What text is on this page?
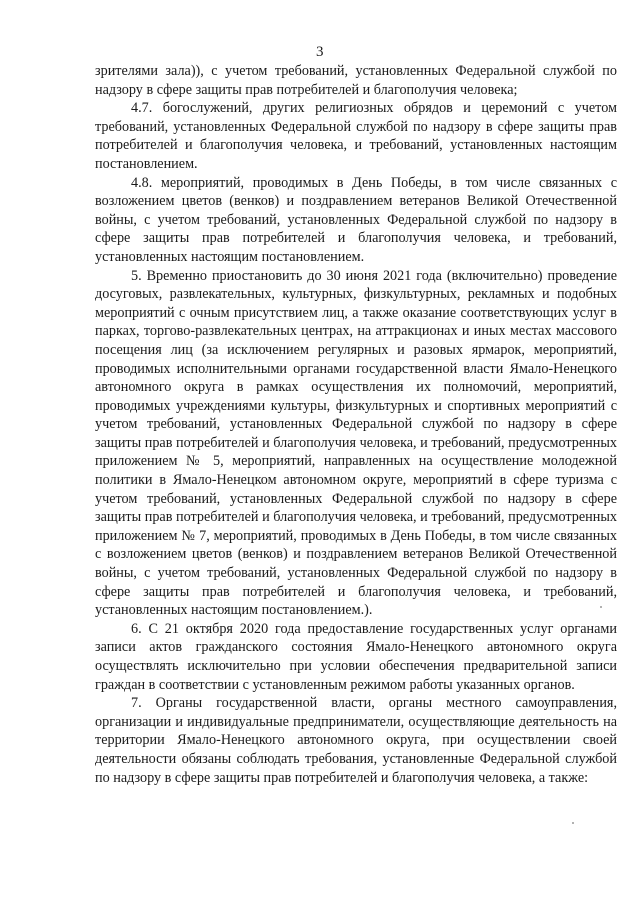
3

зрителями зала)), с учетом требований, установленных Федеральной службой по надзору в сфере защиты прав потребителей и благополучия человека;

4.7. богослужений, других религиозных обрядов и церемоний с учетом требований, установленных Федеральной службой по надзору в сфере защиты прав потребителей и благополучия человека, и требований, установленных настоящим постановлением.

4.8. мероприятий, проводимых в День Победы, в том числе связанных с возложением цветов (венков) и поздравлением ветеранов Великой Отечественной войны, с учетом требований, установленных Федеральной службой по надзору в сфере защиты прав потребителей и благополучия человека, и требований, установленных настоящим постановлением.

5. Временно приостановить до 30 июня 2021 года (включительно) проведение досуговых, развлекательных, культурных, физкультурных, рекламных и подобных мероприятий с очным присутствием лиц, а также оказание соответствующих услуг в парках, торгово-развлекательных центрах, на аттракционах и иных местах массового посещения лиц (за исключением регулярных и разовых ярмарок, мероприятий, проводимых исполнительными органами государственной власти Ямало-Ненецкого автономного округа в рамках осуществления их полномочий, мероприятий, проводимых учреждениями культуры, физкультурных и спортивных мероприятий с учетом требований, установленных Федеральной службой по надзору в сфере защиты прав потребителей и благополучия человека, и требований, предусмотренных приложением № 5, мероприятий, направленных на осуществление молодежной политики в Ямало-Ненецком автономном округе, мероприятий в сфере туризма с учетом требований, установленных Федеральной службой по надзору в сфере защиты прав потребителей и благополучия человека, и требований, предусмотренных приложением № 7, мероприятий, проводимых в День Победы, в том числе связанных с возложением цветов (венков) и поздравлением ветеранов Великой Отечественной войны, с учетом требований, установленных Федеральной службой по надзору в сфере защиты прав потребителей и благополучия человека, и требований, установленных настоящим постановлением.).

6. С 21 октября 2020 года предоставление государственных услуг органами записи актов гражданского состояния Ямало-Ненецкого автономного округа осуществлять исключительно при условии обеспечения предварительной записи граждан в соответствии с установленным режимом работы указанных органов.

7. Органы государственной власти, органы местного самоуправления, организации и индивидуальные предприниматели, осуществляющие деятельность на территории Ямало-Ненецкого автономного округа, при осуществлении своей деятельности обязаны соблюдать требования, установленные Федеральной службой по надзору в сфере защиты прав потребителей и благополучия человека, а также:
